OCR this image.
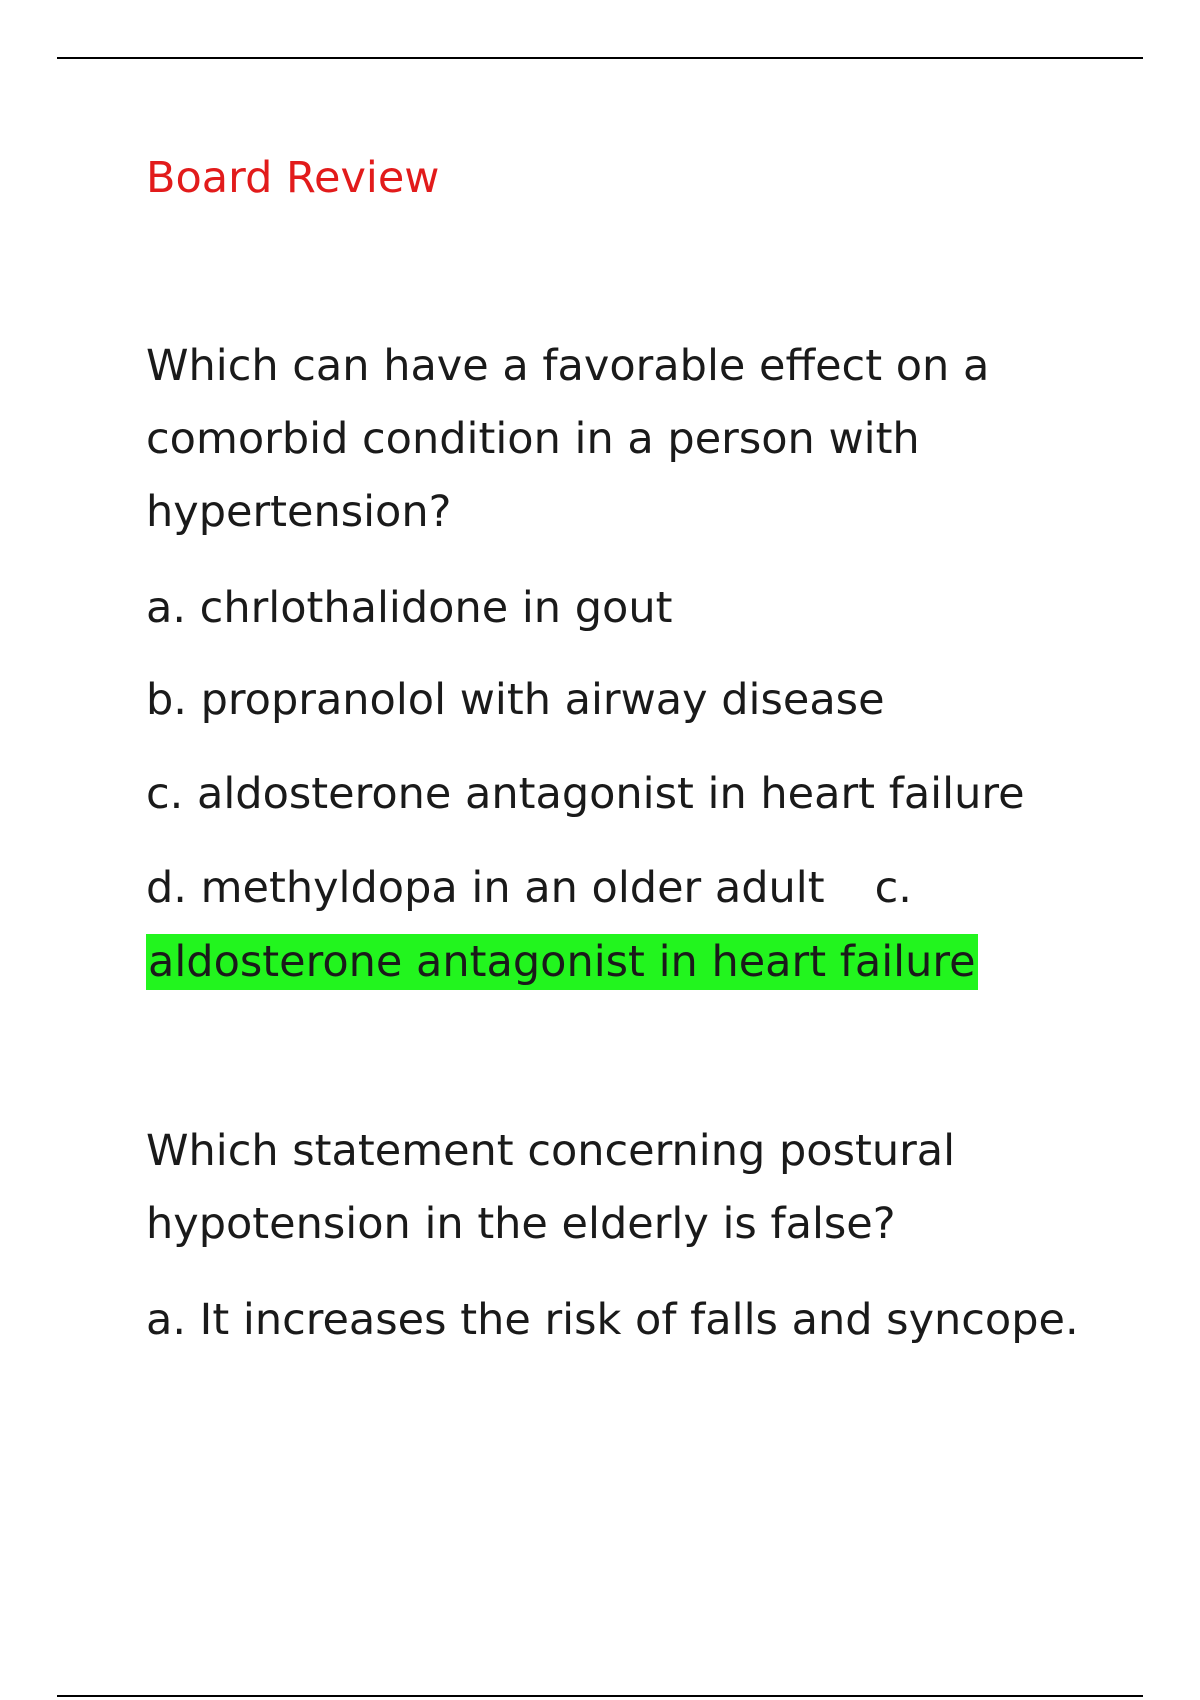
Board Review
Which can have a favorable effect on a
comorbid condition in a person with
hypertension?
a. chrlothalidone in gout
b. propranolol with airway disease
c. aldosterone antagonist in heart failure
d. methyldopa in an older adult c.
aldosterone antagonist in heart failure
Which statement concerning postural
hypotension in the elderly is false?
a. It increases the risk of falls and syncope.
